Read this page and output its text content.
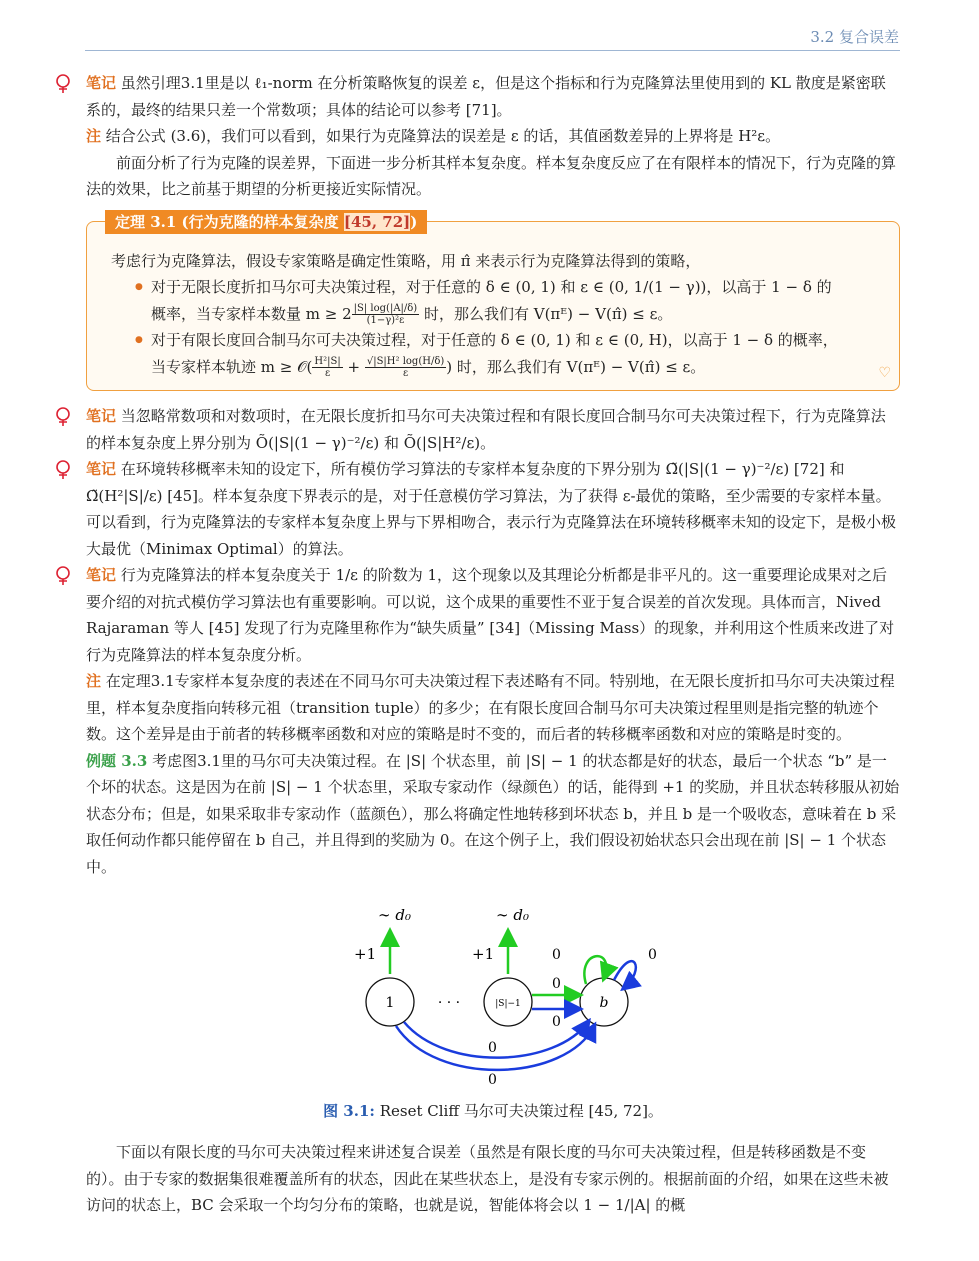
3.2 复合误差

笔记 虽然引理3.1里是以 ℓ₁-norm 在分析策略恢复的误差 ε，但是这个指标和行为克隆算法里使用到的 KL 散度是紧密联系的，最终的结果只差一个常数项；具体的结论可以参考 [71]。

注 结合公式 (3.6)，我们可以看到，如果行为克隆算法的误差是 ε 的话，其值函数差异的上界将是 H²ε。

前面分析了行为克隆的误差界，下面进一步分析其样本复杂度。样本复杂度反应了在有限样本的情况下，行为克隆的算法的效果，比之前基于期望的分析更接近实际情况。

定理 3.1 (行为克隆的样本复杂度 [45, 72])

考虑行为克隆算法，假设专家策略是确定性策略，用 π̂ 来表示行为克隆算法得到的策略，

● 对于无限长度折扣马尔可夫决策过程，对于任意的 δ ∈ (0, 1) 和 ε ∈ (0, 1/(1 − γ))，以高于 1 − δ 的
概率，当专家样本数量 $m \ge 2 \frac{|S| \log(|A|/\delta)}{\text{(1−γ)²ε}}$ 时，那么我们有 V(πᴱ) − V(π̂) ≤ ε。
● 对于有限长度回合制马尔可夫决策过程，对于任意的 δ ∈ (0, 1) 和 ε ∈ (0, H)，以高于 1 − δ 的概率，
当专家样本轨迹 m ≥ 𝒪( $\frac{\text{H²|S|}}{\varepsilon} + \frac{\text{√|S|H² log(H/δ)}}{\varepsilon}$ ) 时，那么我们有 V(πᴱ) − V(π̂) ≤ ε。	♡

笔记 当忽略常数项和对数项时，在无限长度折扣马尔可夫决策过程和有限长度回合制马尔可夫决策过程下，行为克隆算法的样本复杂度上界分别为 Õ(|S|(1 − γ)⁻²/ε) 和 Õ(|S|H²/ε)。

笔记 在环境转移概率未知的设定下，所有模仿学习算法的专家样本复杂度的下界分别为 Ω̃(|S|(1 − γ)⁻²/ε) [72] 和 Ω̃(H²|S|/ε) [45]。样本复杂度下界表示的是，对于任意模仿学习算法，为了获得 ε-最优的策略，至少需要的专家样本量。可以看到，行为克隆算法的专家样本复杂度上界与下界相吻合，表示行为克隆算法在环境转移概率未知的设定下，是极小极大最优（Minimax Optimal）的算法。

笔记 行为克隆算法的样本复杂度关于 1/ε 的阶数为 1，这个现象以及其理论分析都是非平凡的。这一重要理论成果对之后要介绍的对抗式模仿学习算法也有重要影响。可以说，这个成果的重要性不亚于复合误差的首次发现。具体而言，Nived Rajaraman 等人 [45] 发现了行为克隆里称作为“缺失质量” [34]（Missing Mass）的现象，并利用这个性质来改进了对行为克隆算法的样本复杂度分析。

注 在定理3.1专家样本复杂度的表述在不同马尔可夫决策过程下表述略有不同。特别地，在无限长度折扣马尔可夫决策过程里，样本复杂度指向转移元祖（transition tuple）的多少；在有限长度回合制马尔可夫决策过程里则是指完整的轨迹个数。这个差异是由于前者的转移概率函数和对应的策略是时不变的，而后者的转移概率函数和对应的策略是时变的。

例题 3.3 考虑图3.1里的马尔可夫决策过程。在 |S| 个状态里，前 |S| − 1 的状态都是好的状态，最后一个状态 “b” 是一个坏的状态。这是因为在前 |S| − 1 个状态里，采取专家动作（绿颜色）的话，能得到 +1 的奖励，并且状态转移服从初始状态分布；但是，如果采取非专家动作（蓝颜色），那么将确定性地转移到坏状态 b，并且 b 是一个吸收态，意味着在 b 采取任何动作都只能停留在 b 自己，并且得到的奖励为 0。在这个例子上，我们假设初始状态只会出现在前 |S| − 1 个状态中。

∼ d₀	∼ d₀
+1	+1
1	· · ·	|S|−1	b
0
0
0	0
0
0
图 3.1: Reset Cliff 马尔可夫决策过程 [45, 72]。

下面以有限长度的马尔可夫决策过程来讲述复合误差（虽然是有限长度的马尔可夫决策过程，但是转移函数是不变的）。由于专家的数据集很难覆盖所有的状态，因此在某些状态上，是没有专家示例的。根据前面的介绍，如果在这些未被访问的状态上，BC 会采取一个均匀分布的策略，也就是说，智能体将会以 1 − 1/|A| 的概
